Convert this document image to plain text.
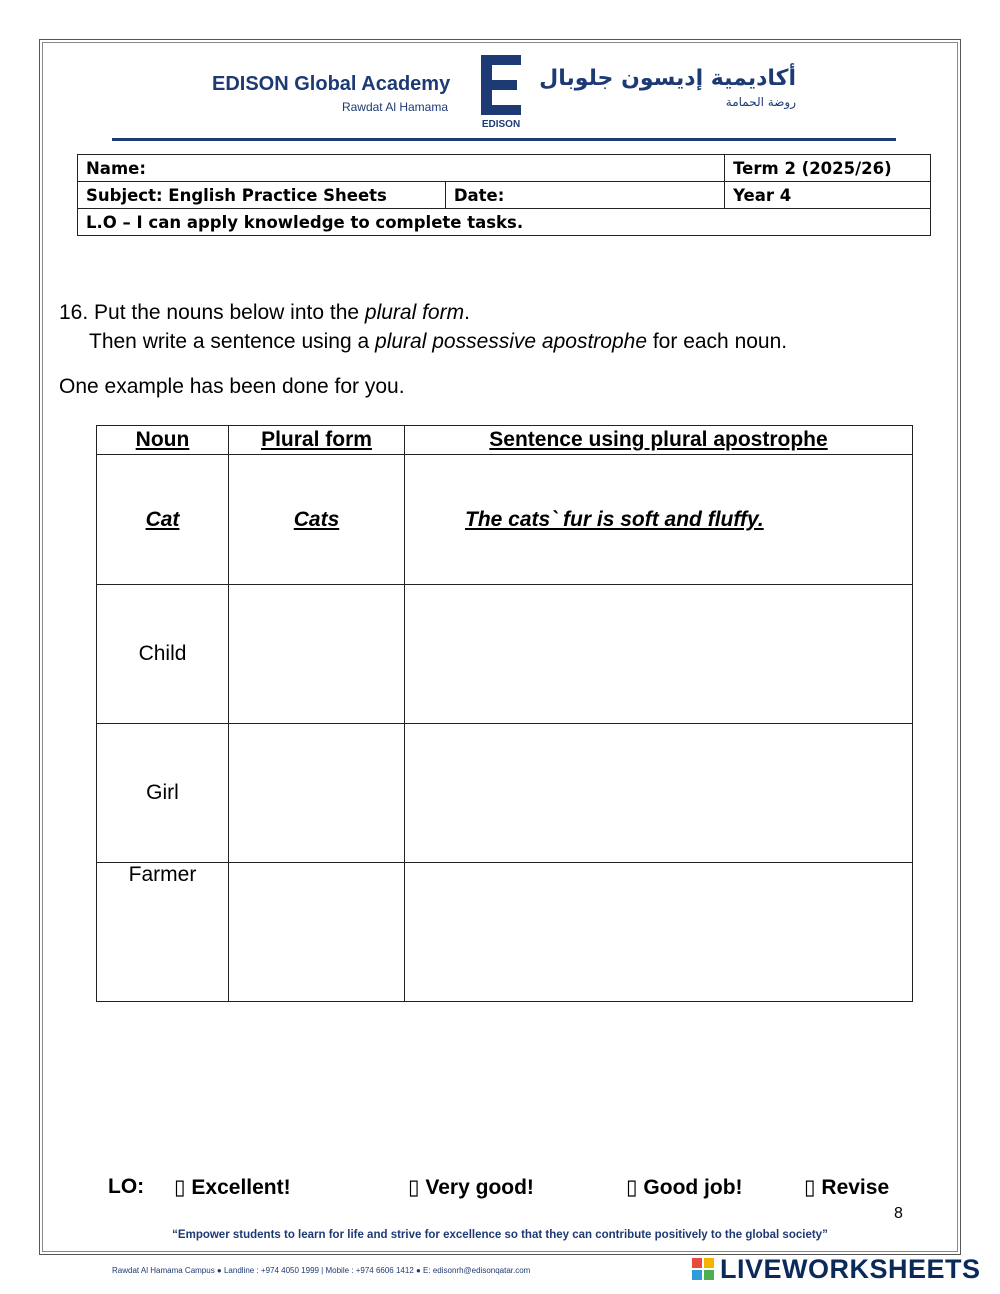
EDISON Global Academy
Rawdat Al Hamama
EDISON
أكاديمية إديسون جلوبال
روضة الحمامة
Name:		Term 2 (2025/26)
Subject: English Practice Sheets	Date:	Year 4
L.O – I can apply knowledge to complete tasks.		
16. Put the nouns below into the plural form.
Then write a sentence using a plural possessive apostrophe for each noun.
One example has been done for you.
Noun	Plural form	Sentence using plural apostrophe
Cat	Cats	The cats` fur is soft and fluffy.
Child		
Girl		
Farmer		
LO: ▯ Excellent!	▯ Very good!	▯ Good job!	▯ Revise
8
“Empower students to learn for life and strive for excellence so that they can contribute positively to the global society”
Rawdat Al Hamama Campus ● Landline : +974 4050 1999 | Mobile : +974 6606 1412 ● E: edisonrh@edisonqatar.com	LIVEWORKSHEETS
